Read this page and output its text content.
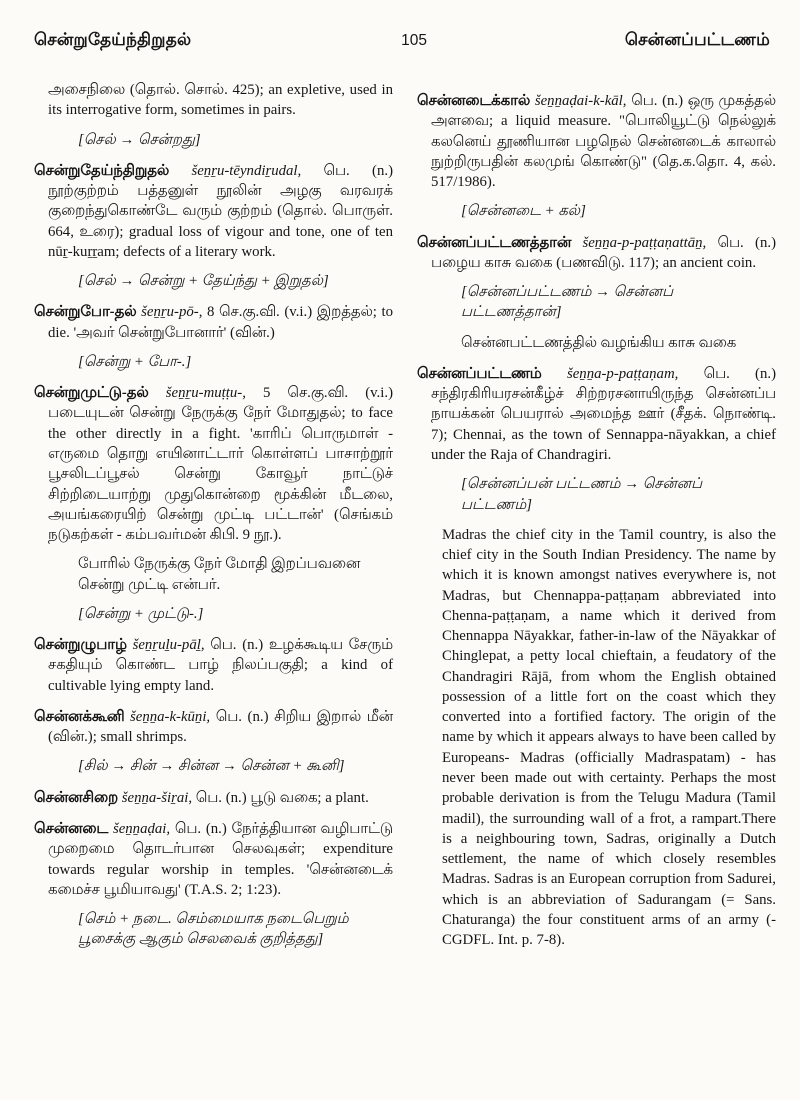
சென்றுதேய்ந்திறுதல்	105	சென்னப்பட்டணம்

அசைநிலை (தொல். சொல். 425); an expletive, used in its interrogative form, sometimes in pairs.

[செல் → சென்றது]

சென்றுதேய்ந்திறுதல் šeṉṟu-tēyndiṟudal, பெ. (n.) நூற்குற்றம் பத்தனுள் நூலின் அழகு வரவரக் குறைந்துகொண்டே வரும் குற்றம் (தொல். பொருள். 664, உரை); gradual loss of vigour and tone, one of ten nūṟ-kuṟṟam; defects of a literary work.

[செல் → சென்று + தேய்ந்து + இறுதல்]

சென்றுபோ-தல் šeṉṟu-pō-, 8 செ.கு.வி. (v.i.) இறத்தல்; to die. 'அவர் சென்றுபோனார்' (வின்.)

[சென்று + போ-.]

சென்றுமுட்டு-தல் šeṉṟu-muṭṭu-, 5 செ.கு.வி. (v.i.) படையுடன் சென்று நேருக்கு நேர் மோதுதல்; to face the other directly in a fight. 'காரிப் பொருமாள் - எருமை தொறு எயினாட்டார் கொள்ளப் பாசாற்றூர் பூசலிடப்பூசல் சென்று கோவூர் நாட்டுச் சிற்றிடையாற்று முதுகொன்றை மூக்கின் மீடலை, அயங்கரையிற் சென்று முட்டி பட்டான்' (செங்கம் நடுகற்கள் - கம்பவர்மன் கிபி. 9 நூ.).

போரில் நேருக்கு நேர் மோதி இறப்பவனை சென்று முட்டி என்பர்.

[சென்று + முட்டு-.]

சென்றுழுபாழ் šeṉṟuḻu-pāḻ, பெ. (n.) உழக்கூடிய சேரும் சகதியும் கொண்ட பாழ் நிலப்பகுதி; a kind of cultivable lying empty land.

சென்னக்கூனி šeṉṉa-k-kūṉi, பெ. (n.) சிறிய இறால் மீன் (வின்.); small shrimps.

[சில் → சின் → சின்ன → சென்ன + கூனி]

சென்னசிறை šeṉṉa-šiṟai, பெ. (n.) பூடு வகை; a plant.

சென்னடை šeṉṉaḍai, பெ. (n.) நேர்த்தியான வழிபாட்டு முறைமை தொடர்பான செலவுகள்; expenditure towards regular worship in temples. 'சென்னடைக் கமைச்ச பூமியாவது' (T.A.S. 2; 1:23).

[செம் + நடை. செம்மையாக நடைபெறும் பூசைக்கு ஆகும் செலவைக் குறித்தது]

சென்னடைக்கால் šeṉṉaḍai-k-kāl, பெ. (n.) ஒரு முகத்தல் அளவை; a liquid measure. "பொலியூட்டு நெல்லுக் கலனெய் தூணியான பழநெல் சென்னடைக் காலால் நுற்றிருபதின் கலமுங் கொண்டு" (தெ.க.தொ. 4, கல். 517/1986).

[சென்னடை + கல்]

சென்னப்பட்டணத்தான் šeṉṉa-p-paṭṭaṇattāṉ, பெ. (n.) பழைய காசு வகை (பணவிடு. 117); an ancient coin.

[சென்னப்பட்டணம் → சென்னப் பட்டணத்தான்]

சென்னபட்டணத்தில் வழங்கிய காசு வகை

சென்னப்பட்டணம் šeṉṉa-p-paṭṭaṇam, பெ. (n.) சந்திரகிரியரசன்கீழ்ச் சிற்றரசனாயிருந்த சென்னப்ப நாயக்கன் பெயரால் அமைந்த ஊர் (சீதக். நொண்டி. 7); Chennai, as the town of Sennappa-nāyakkan, a chief under the Raja of Chandragiri.

[சென்னப்பன் பட்டணம் → சென்னப் பட்டணம்]

Madras the chief city in the Tamil country, is also the chief city in the South Indian Presidency. The name by which it is known amongst natives everywhere is, not Madras, but Chennappa-paṭṭaṇam abbreviated into Chenna-paṭṭaṇam, a name which it derived from Chennappa Nāyakkar, father-in-law of the Nāyakkar of Chinglepat, a petty local chieftain, a feudatory of the Chandragiri Rājā, from whom the English obtained possession of a little fort on the coast which they converted into a fortified factory. The origin of the name by which it appears always to have been called by Europeans- Madras (officially Madraspatam) - has never been made out with certainty. Perhaps the most probable derivation is from the Telugu Madura (Tamil madil), the surrounding wall of a frot, a rampart.There is a neighbouring town, Sadras, originally a Dutch settlement, the name of which closely resembles Madras. Sadras is an European corruption from Sadurei, which is an abbreviation of Sadurangam (= Sans. Chaturanga) the four constituent arms of an army (-CGDFL. Int. p. 7-8).
